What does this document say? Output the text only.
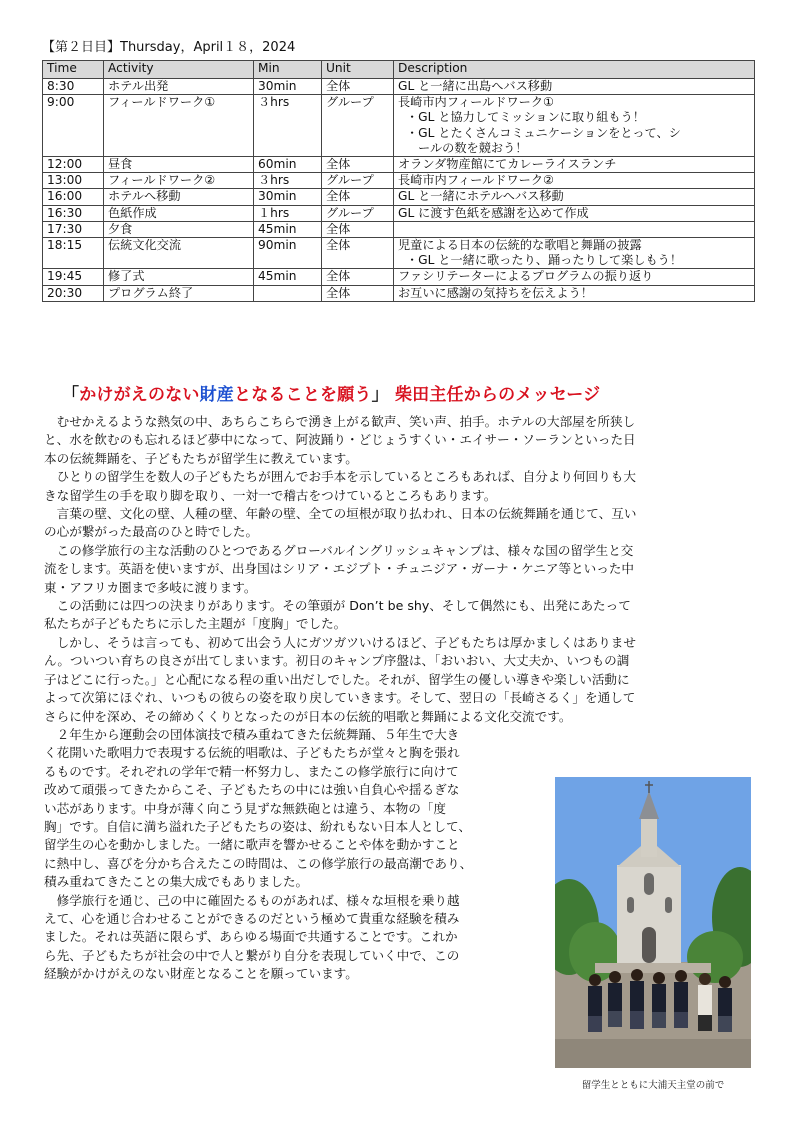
【第２日目】Thursday，April１８，2024
Time	Activity	Min	Unit	Description
8:30	ホテル出発	30min	全体	GL と一緒に出島へバス移動

9:00	フィールドワーク①	３hrs	グループ	長崎市内フィールドワーク①
・GL と協力してミッションに取り組もう！
・GL とたくさんコミュニケーションをとって、シ
ールの数を競おう！

12:00	昼食	60min	全体	オランダ物産館にてカレーライスランチ

13:00	フィールドワーク②	３hrs	グループ	長崎市内フィールドワーク②

16:00	ホテルへ移動	30min	全体	GL と一緒にホテルへバス移動

16:30	色紙作成	１hrs	グループ	GL に渡す色紙を感謝を込めて作成

17:30	夕食	45min	全体	

18:15	伝統文化交流	90min	全体	児童による日本の伝統的な歌唱と舞踊の披露
・GL と一緒に歌ったり、踊ったりして楽しもう！

19:45	修了式	45min	全体	ファシリテーターによるプログラムの振り返り

20:30	プログラム終了		全体	お互いに感謝の気持ちを伝えよう！
「かけがえのない財産となることを願う」 柴田主任からのメッセージ
　むせかえるような熱気の中、あちらこちらで湧き上がる歓声、笑い声、拍手。ホテルの大部屋を所狭し
と、水を飲むのも忘れるほど夢中になって、阿波踊り・どじょうすくい・エイサー・ソーランといった日
本の伝統舞踊を、子どもたちが留学生に教えています。
　ひとりの留学生を数人の子どもたちが囲んでお手本を示しているところもあれば、自分より何回りも大
きな留学生の手を取り脚を取り、一対一で稽古をつけているところもあります。
　言葉の壁、文化の壁、人種の壁、年齢の壁、全ての垣根が取り払われ、日本の伝統舞踊を通じて、互い
の心が繋がった最高のひと時でした。
　この修学旅行の主な活動のひとつであるグローバルイングリッシュキャンプは、様々な国の留学生と交
流をします。英語を使いますが、出身国はシリア・エジプト・チュニジア・ガーナ・ケニア等といった中
東・アフリカ圏まで多岐に渡ります。
　この活動には四つの決まりがあります。その筆頭が Don’t be shy、そして偶然にも、出発にあたって
私たちが子どもたちに示した主題が「度胸」でした。
　しかし、そうは言っても、初めて出会う人にガツガツいけるほど、子どもたちは厚かましくはありませ
ん。ついつい育ちの良さが出てしまいます。初日のキャンプ序盤は、「おいおい、大丈夫か、いつもの調
子はどこに行った。」と心配になる程の重い出だしでした。それが、留学生の優しい導きや楽しい活動に
よって次第にほぐれ、いつもの彼らの姿を取り戻していきます。そして、翌日の「長崎さるく」を通して
さらに仲を深め、その締めくくりとなったのが日本の伝統的唱歌と舞踊による文化交流です。
　２年生から運動会の団体演技で積み重ねてきた伝統舞踊、５年生で大き
く花開いた歌唱力で表現する伝統的唱歌は、子どもたちが堂々と胸を張れ
るものです。それぞれの学年で精一杯努力し、またこの修学旅行に向けて
改めて頑張ってきたからこそ、子どもたちの中には強い自負心や揺るぎな
い芯があります。中身が薄く向こう見ずな無鉄砲とは違う、本物の「度
胸」です。自信に満ち溢れた子どもたちの姿は、紛れもない日本人として、
留学生の心を動かしました。一緒に歌声を響かせることや体を動かすこと
に熱中し、喜びを分かち合えたこの時間は、この修学旅行の最高潮であり、
積み重ねてきたことの集大成でもありました。
　修学旅行を通じ、己の中に確固たるものがあれば、様々な垣根を乗り越
えて、心を通じ合わせることができるのだという極めて貴重な経験を積み
ました。それは英語に限らず、あらゆる場面で共通することです。これか
ら先、子どもたちが社会の中で人と繋がり自分を表現していく中で、この
経験がかけがえのない財産となることを願っています。
留学生とともに大浦天主堂の前で
